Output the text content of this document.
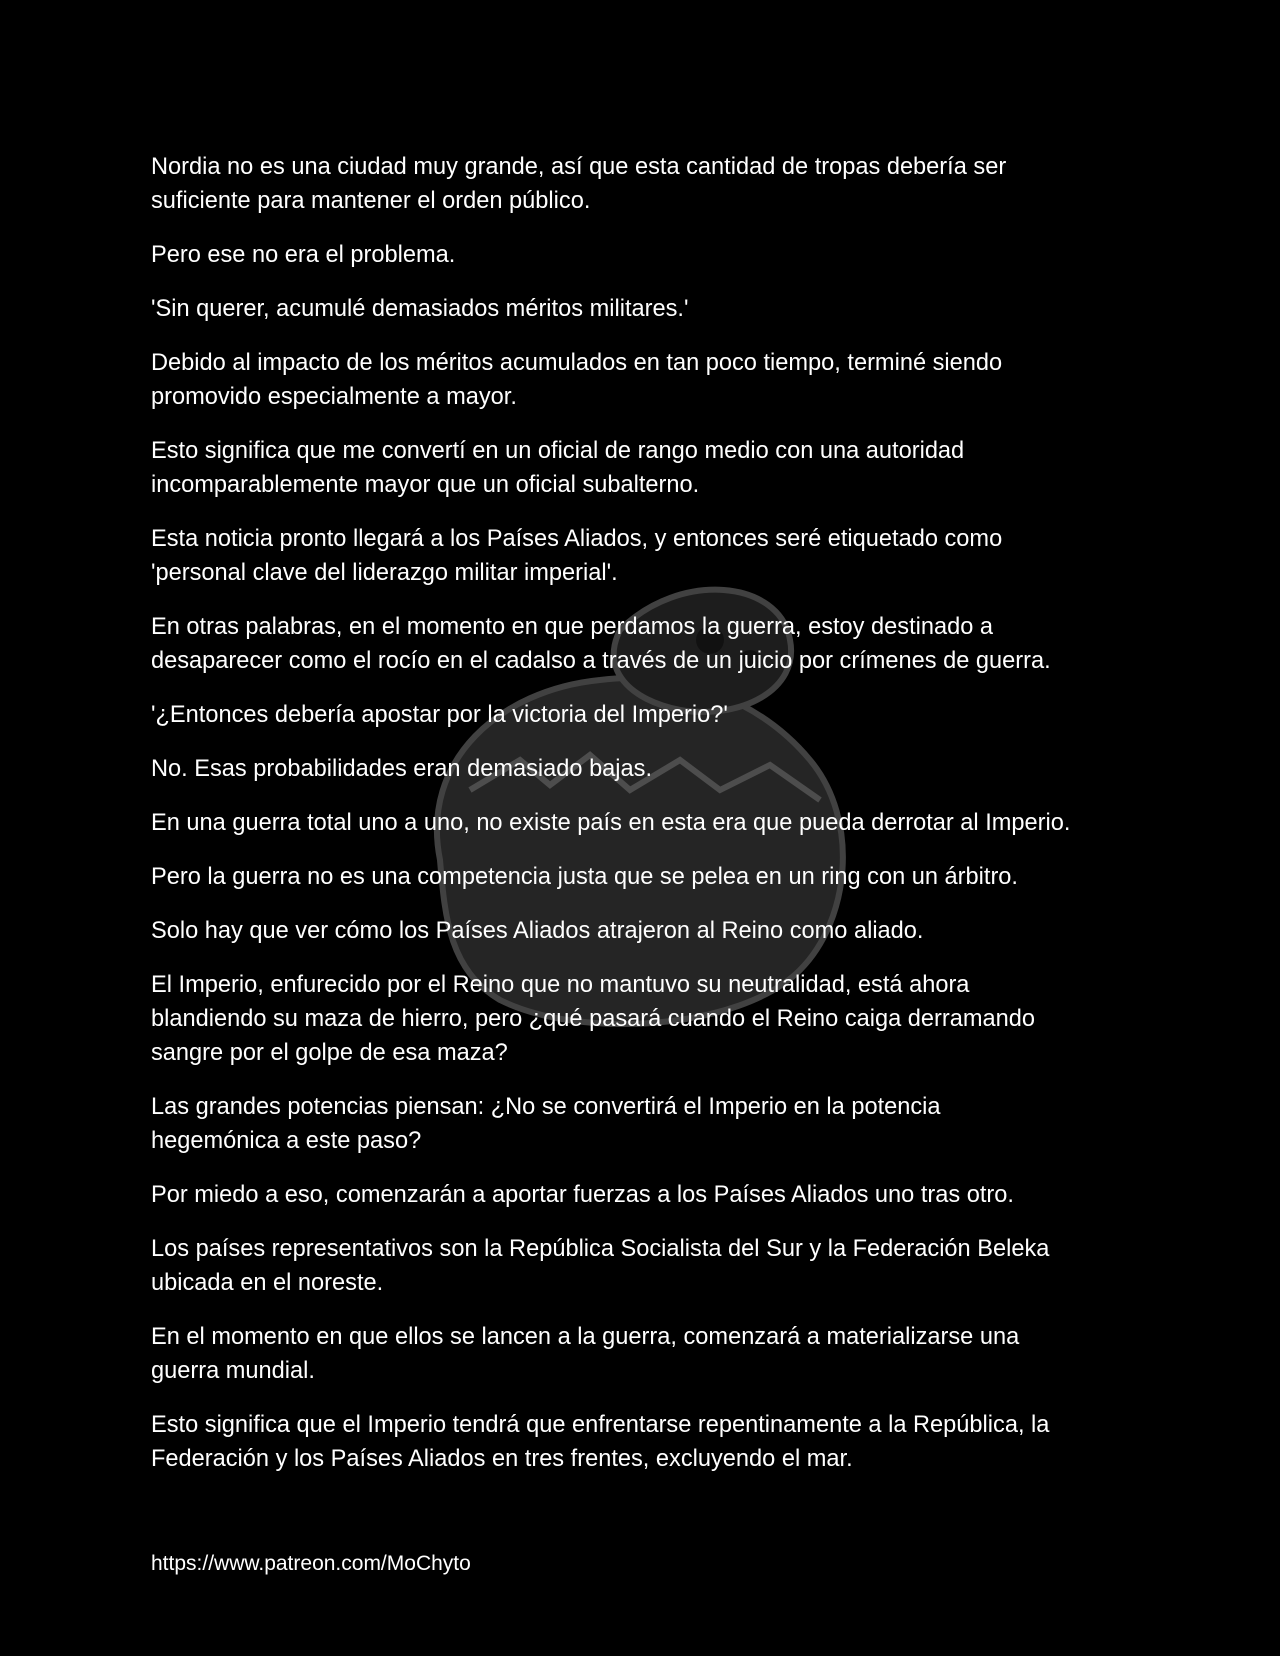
Nordia no es una ciudad muy grande, así que esta cantidad de tropas debería ser
suficiente para mantener el orden público.

Pero ese no era el problema.

'Sin querer, acumulé demasiados méritos militares.'

Debido al impacto de los méritos acumulados en tan poco tiempo, terminé siendo
promovido especialmente a mayor.

Esto significa que me convertí en un oficial de rango medio con una autoridad
incomparablemente mayor que un oficial subalterno.

Esta noticia pronto llegará a los Países Aliados, y entonces seré etiquetado como
'personal clave del liderazgo militar imperial'.

En otras palabras, en el momento en que perdamos la guerra, estoy destinado a
desaparecer como el rocío en el cadalso a través de un juicio por crímenes de guerra.

'¿Entonces debería apostar por la victoria del Imperio?'

No. Esas probabilidades eran demasiado bajas.

En una guerra total uno a uno, no existe país en esta era que pueda derrotar al Imperio.

Pero la guerra no es una competencia justa que se pelea en un ring con un árbitro.

Solo hay que ver cómo los Países Aliados atrajeron al Reino como aliado.

El Imperio, enfurecido por el Reino que no mantuvo su neutralidad, está ahora
blandiendo su maza de hierro, pero ¿qué pasará cuando el Reino caiga derramando
sangre por el golpe de esa maza?

Las grandes potencias piensan: ¿No se convertirá el Imperio en la potencia
hegemónica a este paso?

Por miedo a eso, comenzarán a aportar fuerzas a los Países Aliados uno tras otro.

Los países representativos son la República Socialista del Sur y la Federación Beleka
ubicada en el noreste.

En el momento en que ellos se lancen a la guerra, comenzará a materializarse una
guerra mundial.

Esto significa que el Imperio tendrá que enfrentarse repentinamente a la República, la
Federación y los Países Aliados en tres frentes, excluyendo el mar.

https://www.patreon.com/MoChyto
